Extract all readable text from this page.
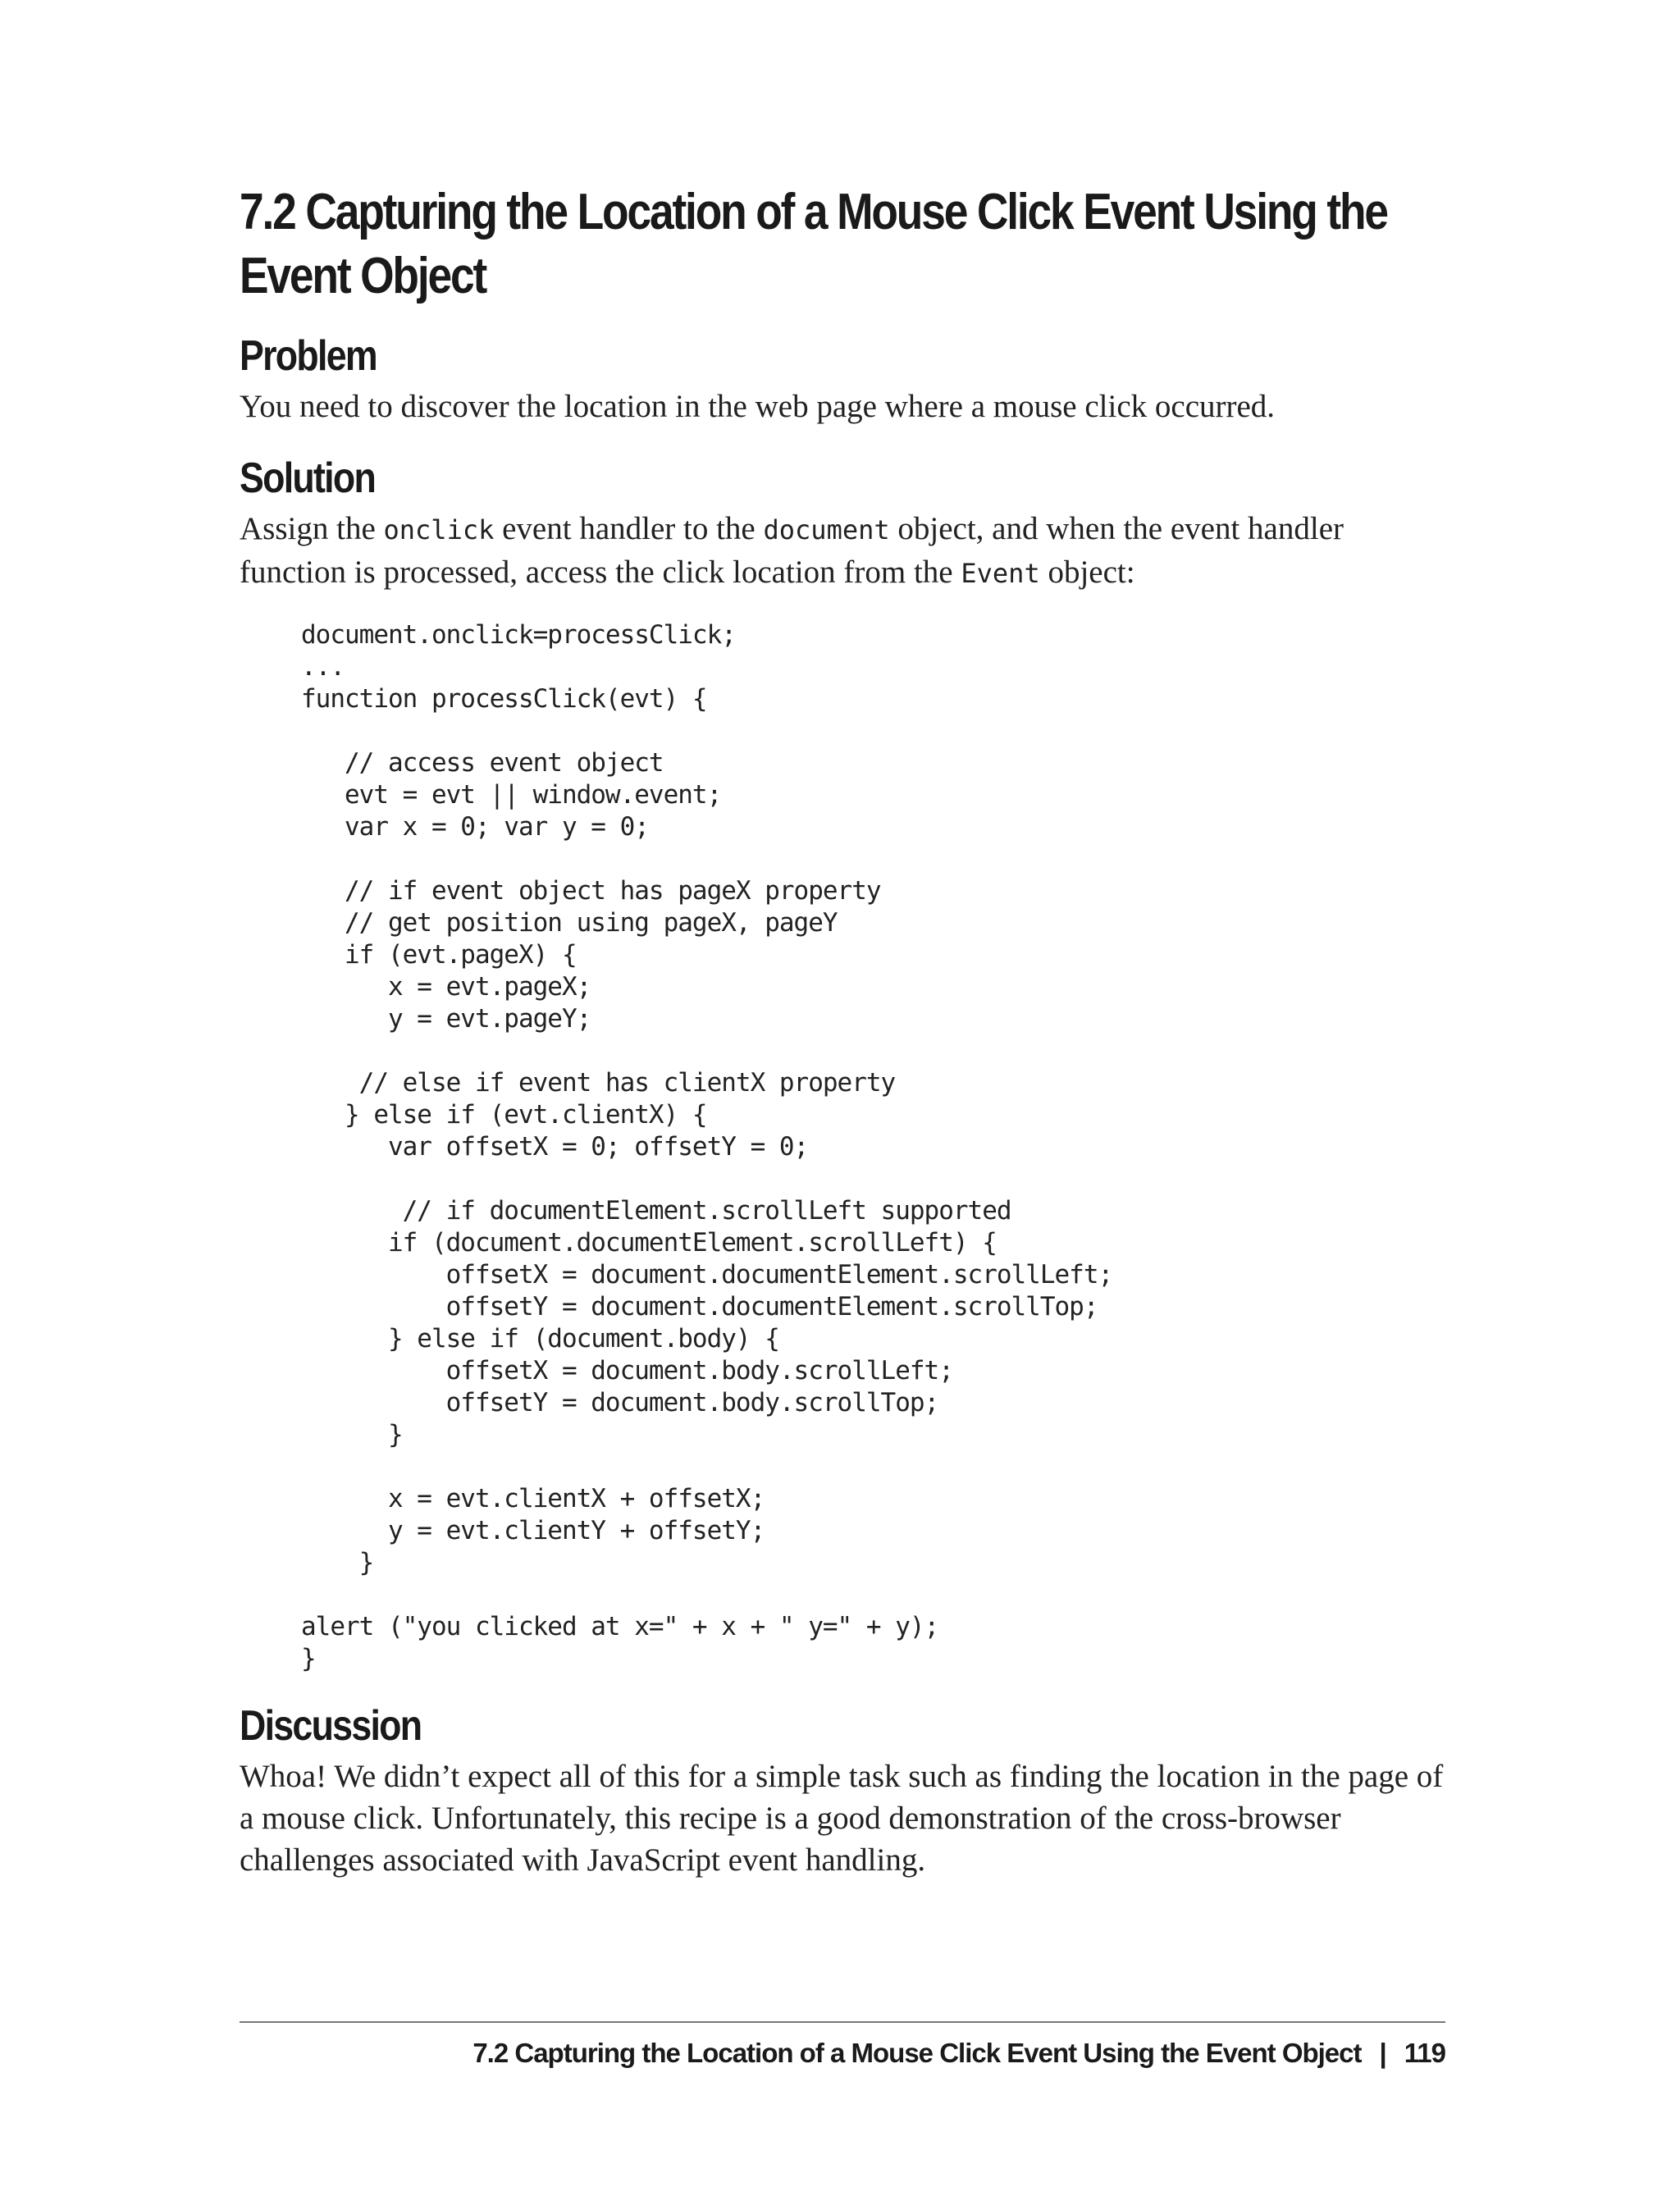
7.2 Capturing the Location of a Mouse Click Event Using the
Event Object
Problem

You need to discover the location in the web page where a mouse click occurred.

Solution

Assign the onclick event handler to the document object, and when the event handler function is processed, access the click location from the Event object:

document.onclick=processClick;
...
function processClick(evt) {

// access event object
evt = evt || window.event;
var x = 0; var y = 0;

// if event object has pageX property
// get position using pageX, pageY
if (evt.pageX) {
x = evt.pageX;
y = evt.pageY;

// else if event has clientX property
} else if (evt.clientX) {
var offsetX = 0; offsetY = 0;

// if documentElement.scrollLeft supported
if (document.documentElement.scrollLeft) {
offsetX = document.documentElement.scrollLeft;
offsetY = document.documentElement.scrollTop;
} else if (document.body) {
offsetX = document.body.scrollLeft;
offsetY = document.body.scrollTop;
}

x = evt.clientX + offsetX;
y = evt.clientY + offsetY;
}

alert ("you clicked at x=" + x + " y=" + y);
}
Discussion

Whoa! We didn’t expect all of this for a simple task such as finding the location in the page of a mouse click. Unfortunately, this recipe is a good demonstration of the cross-browser challenges associated with JavaScript event handling.

7.2 Capturing the Location of a Mouse Click Event Using the Event Object | 119
